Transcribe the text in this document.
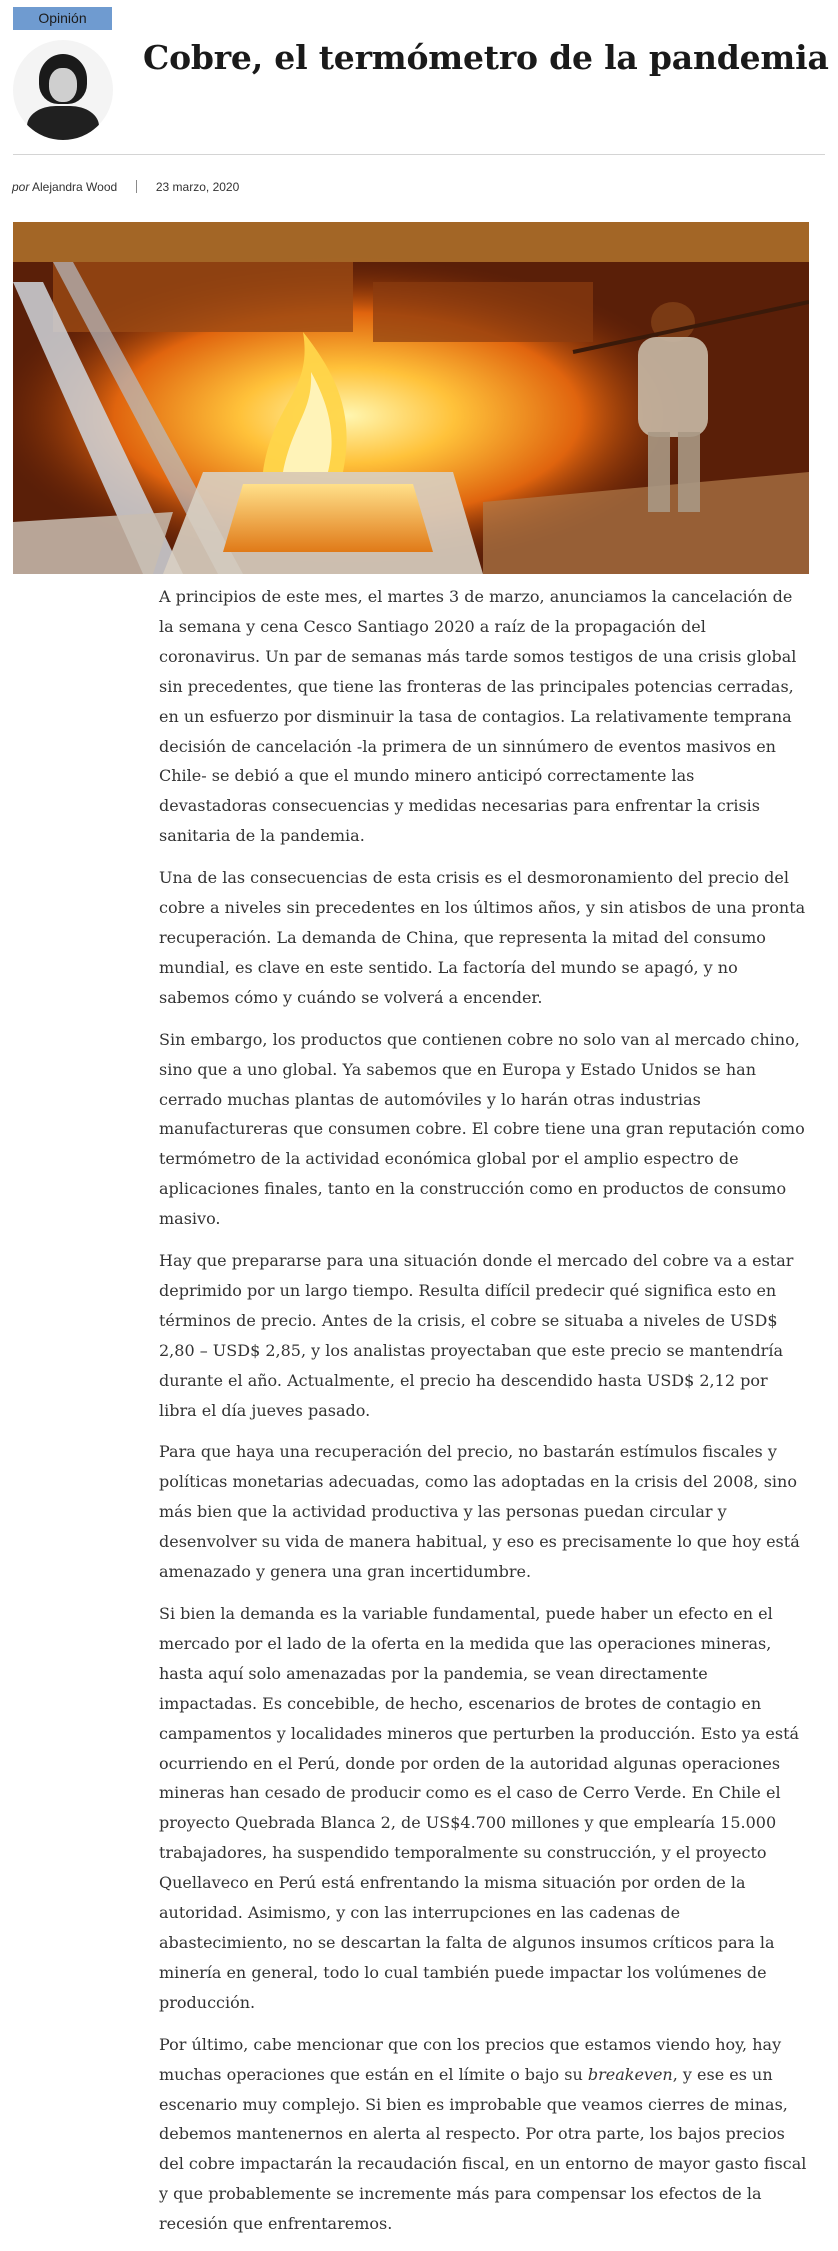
Opinión
Cobre, el termómetro de la pandemia
por Alejandra Wood	23 marzo, 2020

A principios de este mes, el martes 3 de marzo, anunciamos la cancelación de la semana y cena Cesco Santiago 2020 a raíz de la propagación del coronavirus. Un par de semanas más tarde somos testigos de una crisis global sin precedentes, que tiene las fronteras de las principales potencias cerradas, en un esfuerzo por disminuir la tasa de contagios. La relativamente temprana decisión de cancelación -la primera de un sinnúmero de eventos masivos en Chile- se debió a que el mundo minero anticipó correctamente las devastadoras consecuencias y medidas necesarias para enfrentar la crisis sanitaria de la pandemia.

Una de las consecuencias de esta crisis es el desmoronamiento del precio del cobre a niveles sin precedentes en los últimos años, y sin atisbos de una pronta recuperación. La demanda de China, que representa la mitad del consumo mundial, es clave en este sentido. La factoría del mundo se apagó, y no sabemos cómo y cuándo se volverá a encender.

Sin embargo, los productos que contienen cobre no solo van al mercado chino, sino que a uno global. Ya sabemos que en Europa y Estado Unidos se han cerrado muchas plantas de automóviles y lo harán otras industrias manufactureras que consumen cobre. El cobre tiene una gran reputación como termómetro de la actividad económica global por el amplio espectro de aplicaciones finales, tanto en la construcción como en productos de consumo masivo.

Hay que prepararse para una situación donde el mercado del cobre va a estar deprimido por un largo tiempo. Resulta difícil predecir qué significa esto en términos de precio. Antes de la crisis, el cobre se situaba a niveles de USD$ 2,80 – USD$ 2,85, y los analistas proyectaban que este precio se mantendría durante el año. Actualmente, el precio ha descendido hasta USD$ 2,12 por libra el día jueves pasado.

Para que haya una recuperación del precio, no bastarán estímulos fiscales y políticas monetarias adecuadas, como las adoptadas en la crisis del 2008, sino más bien que la actividad productiva y las personas puedan circular y desenvolver su vida de manera habitual, y eso es precisamente lo que hoy está amenazado y genera una gran incertidumbre.

Si bien la demanda es la variable fundamental, puede haber un efecto en el mercado por el lado de la oferta en la medida que las operaciones mineras, hasta aquí solo amenazadas por la pandemia, se vean directamente impactadas. Es concebible, de hecho, escenarios de brotes de contagio en campamentos y localidades mineros que perturben la producción. Esto ya está ocurriendo en el Perú, donde por orden de la autoridad algunas operaciones mineras han cesado de producir como es el caso de Cerro Verde. En Chile el proyecto Quebrada Blanca 2, de US$4.700 millones y que emplearía 15.000 trabajadores, ha suspendido temporalmente su construcción, y el proyecto Quellaveco en Perú está enfrentando la misma situación por orden de la autoridad. Asimismo, y con las interrupciones en las cadenas de abastecimiento, no se descartan la falta de algunos insumos críticos para la minería en general, todo lo cual también puede impactar los volúmenes de producción.

Por último, cabe mencionar que con los precios que estamos viendo hoy, hay muchas operaciones que están en el límite o bajo su breakeven, y ese es un escenario muy complejo. Si bien es improbable que veamos cierres de minas, debemos mantenernos en alerta al respecto. Por otra parte, los bajos precios del cobre impactarán la recaudación fiscal, en un entorno de mayor gasto fiscal y que probablemente se incremente más para compensar los efectos de la recesión que enfrentaremos.
